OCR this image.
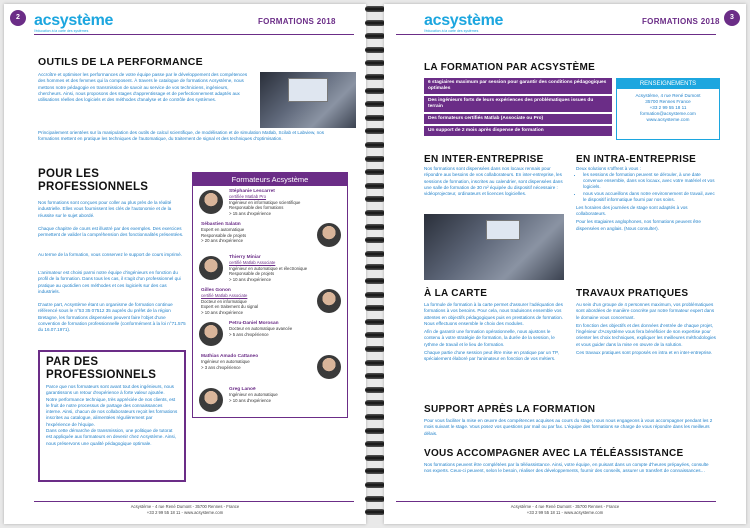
2 acsystème
l'éducation à la carte des systèmes
FORMATIONS 2018
OUTILS DE LA PERFORMANCE

Accroître et optimiser les performances de votre équipe passe par le développement des compétences des hommes et des femmes qui la composent. À travers le catalogue de formations Acsystème, nous mettons notre pédagogie en transmission de savoir au service de vos techniciens, ingénieurs, chercheurs. Ainsi, nous proposons des stages d'apprentissage et de perfectionnement adaptés aux utilisations réelles des logiciels et des méthodes d'analyse et de contrôle des systèmes.

Principalement orientées sur la manipulation des outils de calcul scientifique, de modélisation et de simulation Matlab, Scilab et Labview, nos formations mettent en pratique les techniques de l'automatique, du traitement de signal et des techniques d'optimisation.

POUR LES
PROFESSIONNELS

Nos formations sont conçues pour coller au plus près de la réalité industrielle. Elles vous fournissent les clés de l'autonomie et de la réussite sur le sujet abordé.

Chaque chapitre de cours est illustré par des exemples. Des exercices permettent de valider la compréhension des fonctionnalités présentées.

Au terme de la formation, vous conservez le support de cours imprimé.

L'animateur est choisi parmi notre équipe d'ingénieurs en fonction du profil de la formation. Dans tous les cas, il s'agit d'un professionnel qui pratique au quotidien ces méthodes et ces logiciels sur des cas industriels.

D'autre part, Acsystème étant un organisme de formation continue référencé sous le n°53 35 07512 35 auprès du préfet de la région Bretagne, les formations dispensées peuvent faire l'objet d'une convention de formation professionnelle (conformément à la loi n°71.575 du 16.07.1971).

PAR DES
PROFESSIONNELS

Parce que nos formateurs sont avant tout des ingénieurs, nous garantissons un retour d'expérience à forte valeur ajoutée.

Notre performance technique, très appréciée de nos clients, est le fruit de notre processus de partage des connaissances interne. Ainsi, chacun de nos collaborateurs reçoit les formations inscrites au catalogue, alimentées régulièrement par l'expérience de l'équipe.

Dans cette démarche de transmission, une politique de tutorat est appliquée aux formateurs en devenir chez Acsystème. Ainsi, nous préservons une qualité pédagogique optimale.

Formateurs Acsystème
Stéphanie Lescarret
certifiée Matlab Pro
Ingénieur en informatique scientifique
Responsable des formations
> 15 ans d'expérience
Sébastien Salaün
Expert en automatique
Responsable de projets
> 20 ans d'expérience
Thierry Miniar
certifié Matlab Associate
Ingénieur en automatique et électronique
Responsable de projets
> 10 ans d'expérience
Gilles Gonon
certifié Matlab Associate
Docteur en informatique
Expert en traitement du signal
> 10 ans d'expérience
Petru-Daniel Morosan
Docteur en automatique avancée
> 5 ans d'expérience
Mathias Amado Cattaneo
Ingénieur en automatique
> 3 ans d'expérience
Greg Lanoë
Ingénieur en automatique
> 10 ans d'expérience
Acsystème - 4 rue René Dumont - 35700 Rennes - France
+33 2 99 55 18 11 - www.acsysteme.com
acsystème
l'éducation à la carte des systèmes
FORMATIONS 2018	3
LA FORMATION PAR ACSYSTÈME
6 stagiaires maximum par session pour garantir des conditions pédagogiques optimales
Des ingénieurs forts de leurs expériences des problématiques issues du terrain
Des formateurs certifiés Matlab (Associate ou Pro)
Un support de 2 mois après dispense de formation
RENSEIGNEMENTS
Acsystème, 4 rue René Dumont
35700 Rennes France
+33 2 99 55 18 11
formation@acsysteme.com
www.acsysteme.com
EN INTER-ENTREPRISE

Nos formations sont dispensées dans nos locaux rennais pour répondre aux besoins de vos collaborateurs. En inter-entreprise, les sessions de formation, inscrites au calendrier, sont dispensées dans une salle de formation de 30 m² équipée du dispositif nécessaire : vidéoprojecteur, ordinateurs et licences logicielles.

EN INTRA-ENTREPRISE

Deux solutions s'offrent à vous :

• les sessions de formation peuvent se dérouler, à une date convenue ensemble, dans vos locaux, avec votre matériel et vos logiciels.
• nous vous accueillons dans notre environnement de travail, avec le dispositif informatique fourni par nos soins.

Les horaires des journées de stage sont adaptés à vos collaborateurs.

Pour les stagiaires anglophones, nos formations peuvent être dispensées en anglais. (Nous consulter).

À LA CARTE

La formule de formation à la carte permet d'assurer l'adéquation des formations à vos besoins. Pour cela, nous traduisons ensemble vos attentes en objectifs pédagogiques puis en prestations de formation. Nous effectuons ensemble le choix des modules.

Afin de garantir une formation opérationnelle, nous ajustons le contenu à votre stratégie de formation, la durée de la session, le rythme de travail et le lieu de formation.

Chaque partie d'une session peut être mise en pratique par un TP, spécialement élaboré par l'animateur en fonction de vos métiers.

TRAVAUX PRATIQUES

Au sein d'un groupe de 4 personnes maximum, vos problématiques sont abordées de manière concrète par notre formateur expert dans le domaine vous concernant.

En fonction des objectifs et des données d'entrée de chaque projet, l'ingénieur d'Acsystème vous fera bénéficier de son expertise pour orienter les choix techniques, expliquer les meilleures méthodologies et vous guider dans la mise en œuvre de la solution.

Ces travaux pratiques sont proposés en intra et en inter-entreprise.

SUPPORT APRÈS LA FORMATION

Pour vous faciliter la mise en œuvre des compétences acquises au cours du stage, nous nous engageons à vous accompagner pendant les 2 mois suivant le stage. Vous posez vos questions par mail ou par fax. L'équipe des formations se charge de vous répondre dans les meilleurs délais.

VOUS ACCOMPAGNER AVEC LA TÉLÉASSISTANCE

Nos formations peuvent être complétées par la téléassistance. Ainsi, votre équipe, en puisant dans un compte d'heures prépayées, consulte nos experts. Ceux-ci peuvent, selon le besoin, réaliser des développements, fournir des conseils, assurer un transfert de connaissances…

Acsystème - 4 rue René Dumont - 35700 Rennes - France
+33 2 99 55 18 11 - www.acsysteme.com
